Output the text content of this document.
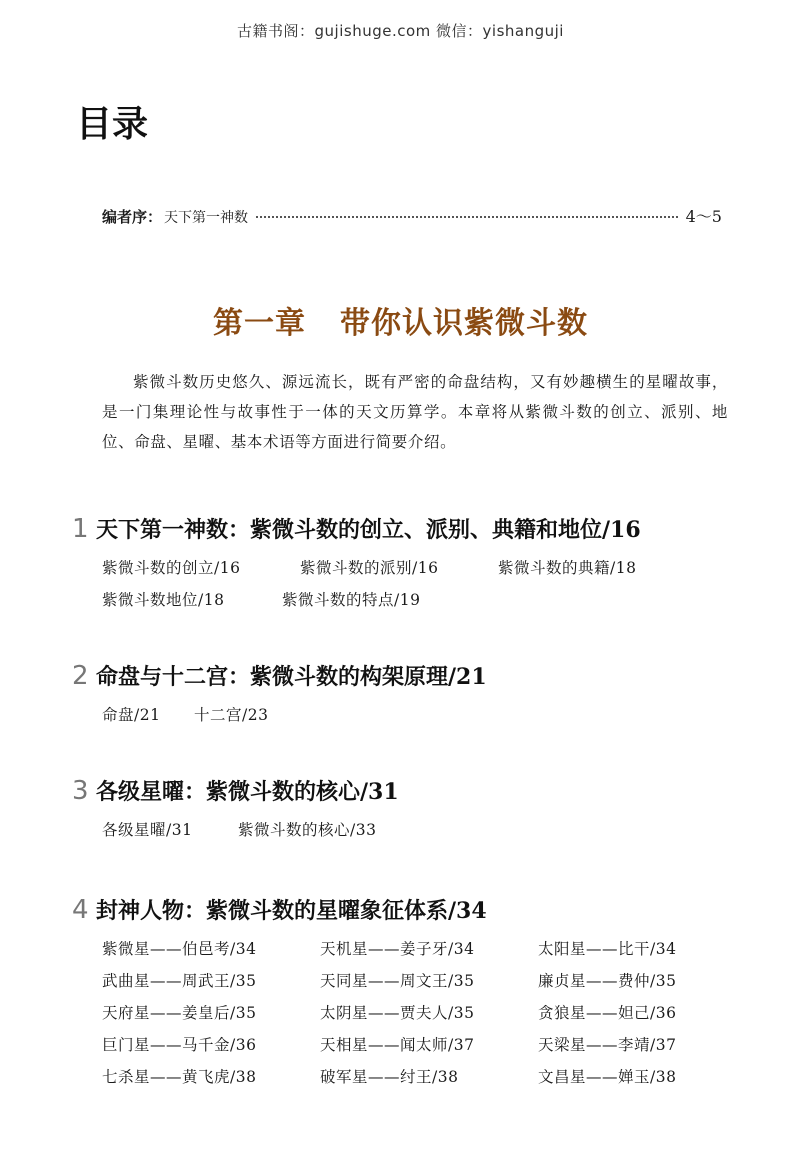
古籍书阁：gujishuge.com 微信：yishanguji
目录
编者序： 天下第一神数	4～5
第一章 带你认识紫微斗数
紫微斗数历史悠久、源远流长，既有严密的命盘结构，又有妙趣横生的星曜故事，是一门集理论性与故事性于一体的天文历算学。本章将从紫微斗数的创立、派别、地位、命盘、星曜、基本术语等方面进行简要介绍。
1 天下第一神数：紫微斗数的创立、派别、典籍和地位/16
紫微斗数的创立/16	紫微斗数的派别/16	紫微斗数的典籍/18
紫微斗数地位/18	紫微斗数的特点/19
2 命盘与十二宫：紫微斗数的构架原理/21
命盘/21	十二宫/23
3 各级星曜：紫微斗数的核心/31
各级星曜/31	紫微斗数的核心/33
4 封神人物：紫微斗数的星曜象征体系/34
紫微星——伯邑考/34	天机星——姜子牙/34	太阳星——比干/34
武曲星——周武王/35	天同星——周文王/35	廉贞星——费仲/35
天府星——姜皇后/35	太阴星——贾夫人/35	贪狼星——妲己/36
巨门星——马千金/36	天相星——闻太师/37	天梁星——李靖/37
七杀星——黄飞虎/38	破军星——纣王/38	文昌星——婵玉/38
